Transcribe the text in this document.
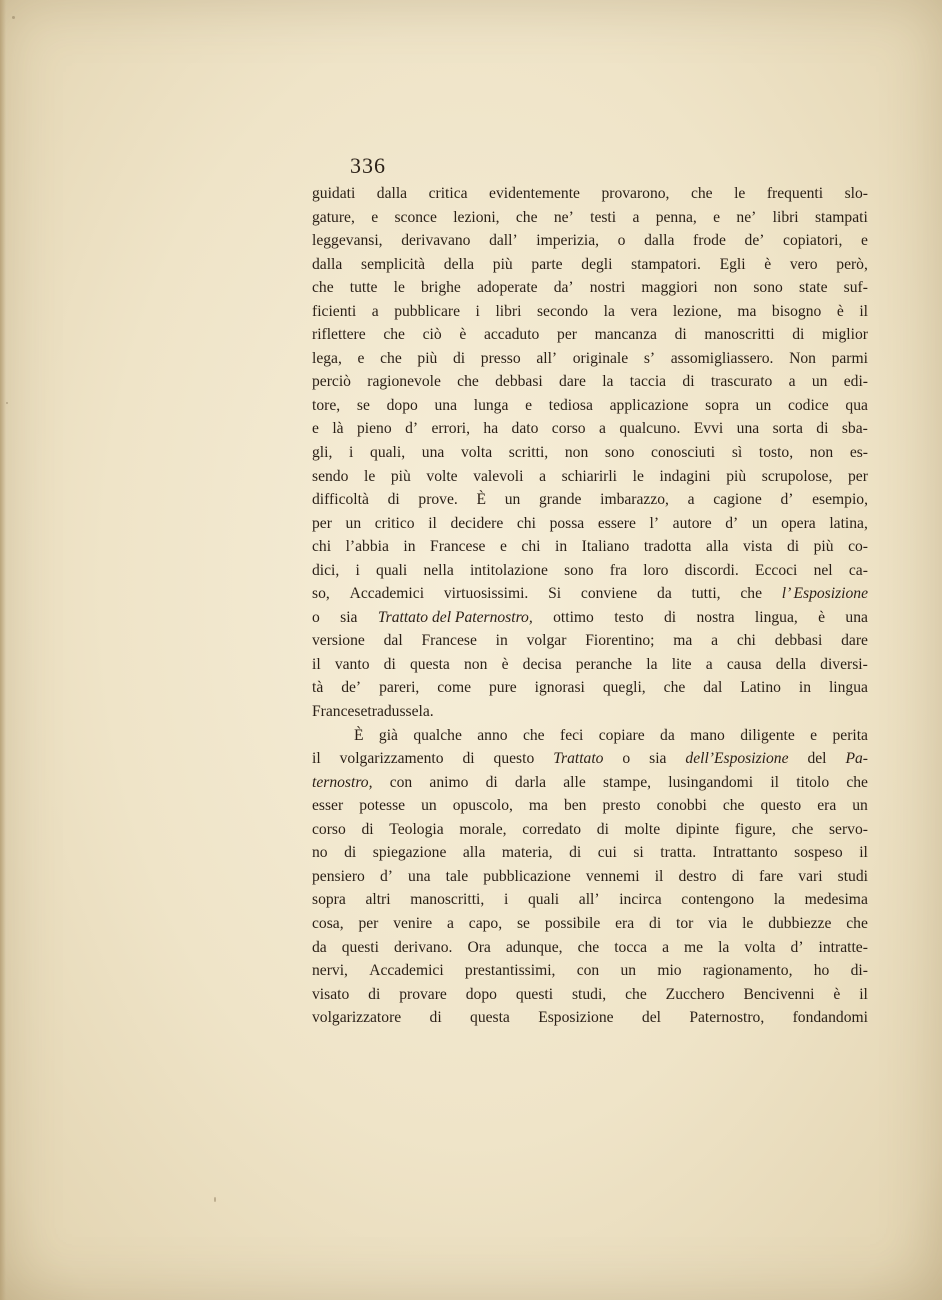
336
guidati dalla critica evidentemente provarono, che le frequenti slo-
gature, e sconce lezioni, che ne’ testi a penna, e ne’ libri stampati
leggevansi, derivavano dall’ imperizia, o dalla frode de’ copiatori, e
dalla semplicità della più parte degli stampatori. Egli è vero però,
che tutte le brighe adoperate da’ nostri maggiori non sono state suf-
ficienti a pubblicare i libri secondo la vera lezione, ma bisogno è il
riflettere che ciò è accaduto per mancanza di manoscritti di miglior
lega, e che più di presso all’ originale s’ assomigliassero. Non parmi
perciò ragionevole che debbasi dare la taccia di trascurato a un edi-
tore, se dopo una lunga e tediosa applicazione sopra un codice qua
e là pieno d’ errori, ha dato corso a qualcuno. Evvi una sorta di sba-
gli, i quali, una volta scritti, non sono conosciuti sì tosto, non es-
sendo le più volte valevoli a schiarirli le indagini più scrupolose, per
difficoltà di prove. È un grande imbarazzo, a cagione d’ esempio,
per un critico il decidere chi possa essere l’ autore d’ un opera latina,
chi l’abbia in Francese e chi in Italiano tradotta alla vista di più co-
dici, i quali nella intitolazione sono fra loro discordi. Eccoci nel ca-
so, Accademici virtuosissimi. Si conviene da tutti, che l’ Esposizione
o sia Trattato del Paternostro, ottimo testo di nostra lingua, è una
versione dal Francese in volgar Fiorentino; ma a chi debbasi dare
il vanto di questa non è decisa peranche la lite a causa della diversi-
tà de’ pareri, come pure ignorasi quegli, che dal Latino in lingua
Francese tradussela.
È già qualche anno che feci copiare da mano diligente e perita
il volgarizzamento di questo Trattato o sia dell’Esposizione del Pa-
ternostro, con animo di darla alle stampe, lusingandomi il titolo che
esser potesse un opuscolo, ma ben presto conobbi che questo era un
corso di Teologia morale, corredato di molte dipinte figure, che servo-
no di spiegazione alla materia, di cui si tratta. Intrattanto sospeso il
pensiero d’ una tale pubblicazione vennemi il destro di fare vari studi
sopra altri manoscritti, i quali all’ incirca contengono la medesima
cosa, per venire a capo, se possibile era di tor via le dubbiezze che
da questi derivano. Ora adunque, che tocca a me la volta d’ intratte-
nervi, Accademici prestantissimi, con un mio ragionamento, ho di-
visato di provare dopo questi studi, che Zucchero Bencivenni è il
volgarizzatore di questa Esposizione del Paternostro, fondandomi
